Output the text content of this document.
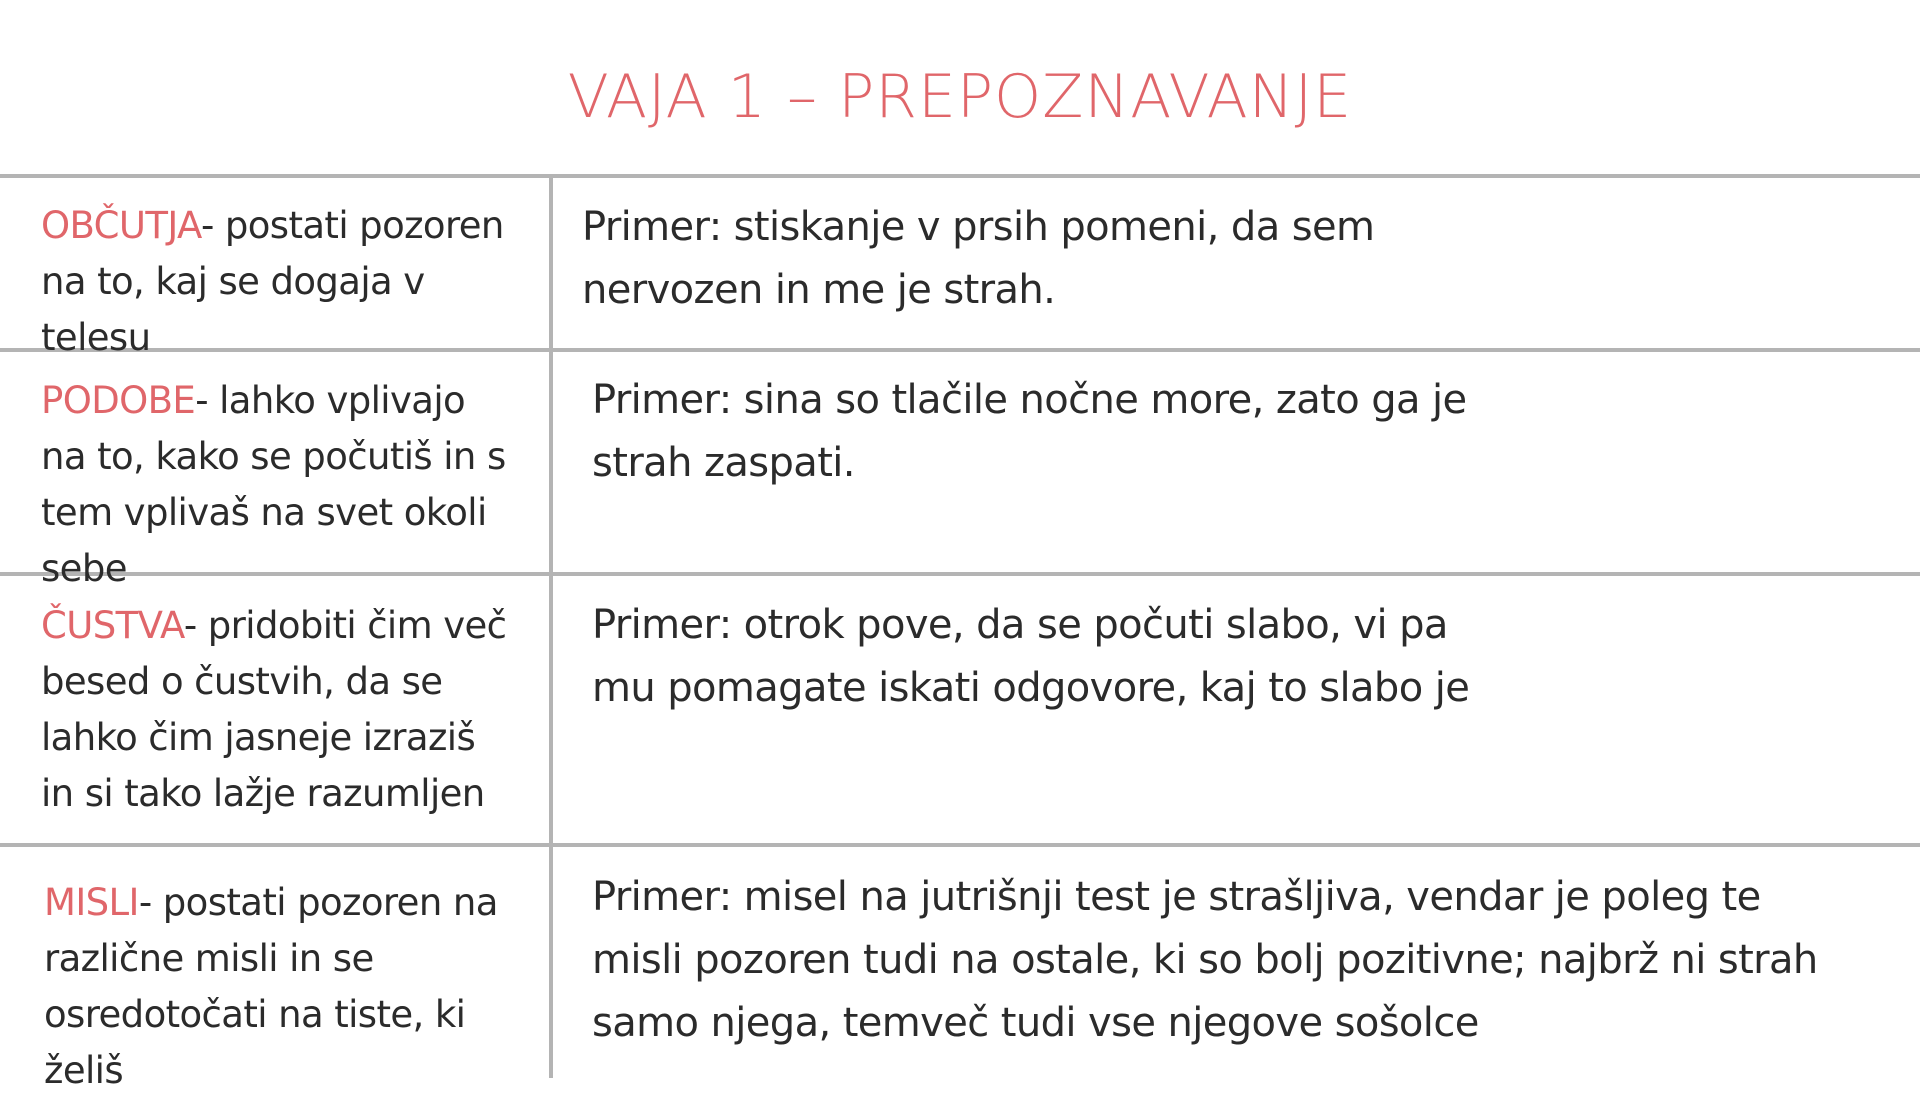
VAJA 1 – PREPOZNAVANJE
OBČUTJA- postati pozoren na to, kaj se dogaja v telesu
Primer: stiskanje v prsih pomeni, da sem nervozen in me je strah.
PODOBE- lahko vplivajo na to, kako se počutiš in s tem vplivaš na svet okoli sebe
Primer: sina so tlačile nočne more, zato ga je strah zaspati.
ČUSTVA- pridobiti čim več besed o čustvih, da se lahko čim jasneje izraziš in si tako lažje razumljen
Primer: otrok pove, da se počuti slabo, vi pa mu pomagate iskati odgovore, kaj to slabo je
MISLI- postati pozoren na različne misli in se osredotočati na tiste, ki želiš
Primer: misel na jutrišnji test je strašljiva, vendar je poleg te misli pozoren tudi na ostale, ki so bolj pozitivne; najbrž ni strah samo njega, temveč tudi vse njegove sošolce
